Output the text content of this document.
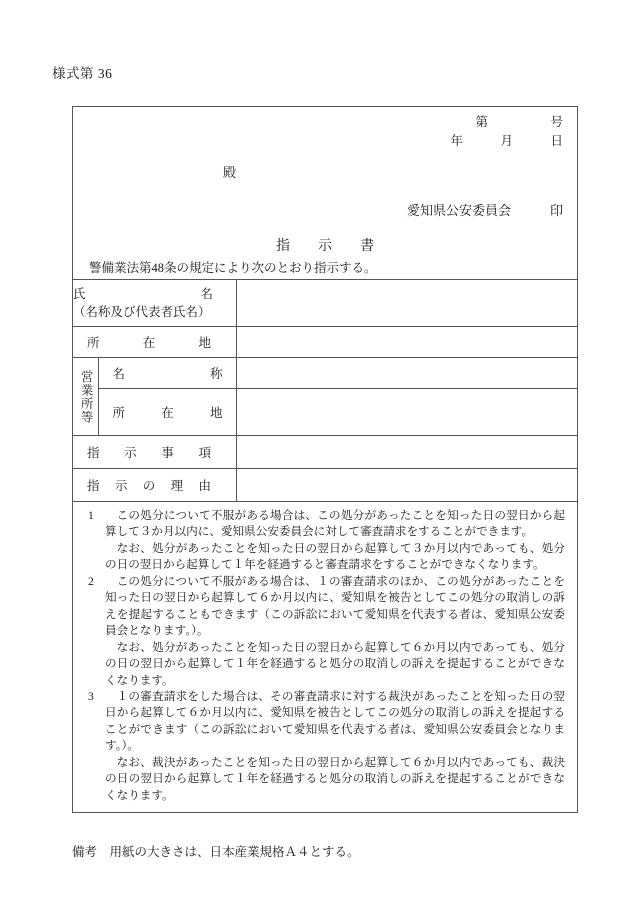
様式第 36
第　　　　　号
年　　　月　　　日
殿
愛知県公安委員会　　　印
指示書
警備業法第48条の規定により次のとおり指示する。
氏 名
（名称及び代表者氏名）		

所 在 地		

営業所等	名 称	

	所 在 地	

指 示 事 項		

指 示 の 理 由		

1	この処分について不服がある場合は、この処分があったことを知った日の翌日から起算して３か月以内に、愛知県公安委員会に対して審査請求をすることができます。

なお、処分があったことを知った日の翌日から起算して３か月以内であっても、処分の日の翌日から起算して１年を経過すると審査請求をすることができなくなります。

2	この処分について不服がある場合は、１の審査請求のほか、この処分があったことを知った日の翌日から起算して６か月以内に、愛知県を被告としてこの処分の取消しの訴えを提起することもできます（この訴訟において愛知県を代表する者は、愛知県公安委員会となります。）。

なお、処分があったことを知った日の翌日から起算して６か月以内であっても、処分の日の翌日から起算して１年を経過すると処分の取消しの訴えを提起することができなくなります。

3	１の審査請求をした場合は、その審査請求に対する裁決があったことを知った日の翌日から起算して６か月以内に、愛知県を被告としてこの処分の取消しの訴えを提起することができます（この訴訟において愛知県を代表する者は、愛知県公安委員会となります。）。

なお、裁決があったことを知った日の翌日から起算して６か月以内であっても、裁決の日の翌日から起算して１年を経過すると処分の取消しの訴えを提起することができなくなります。

備考　用紙の大きさは、日本産業規格Ａ４とする。
